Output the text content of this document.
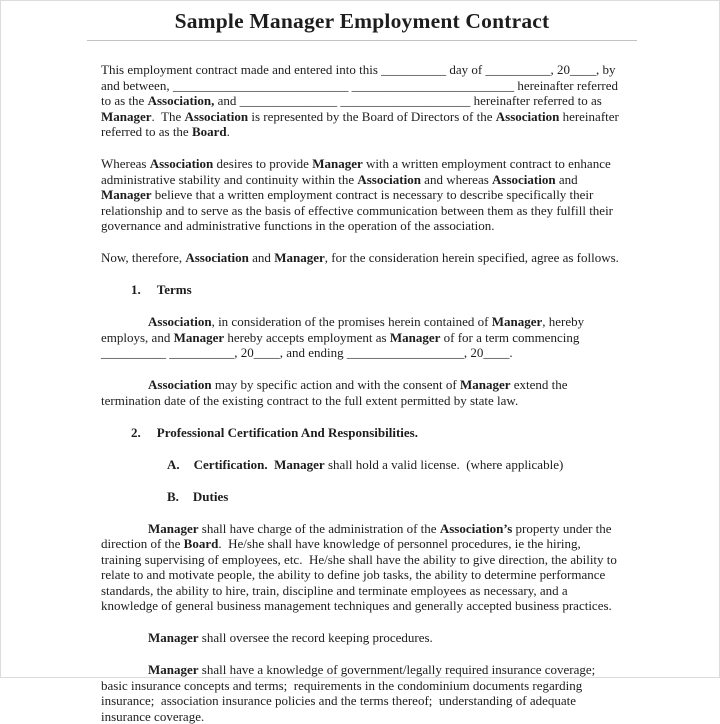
Sample Manager Employment Contract

This employment contract made and entered into this __________ day of __________, 20____, by and between, ___________________________ _________________________ hereinafter referred to as the Association, and _______________ ____________________ hereinafter referred to as Manager.  The Association is represented by the Board of Directors of the Association hereinafter referred to as the Board.

Whereas Association desires to provide Manager with a written employment contract to enhance administrative stability and continuity within the Association and whereas Association and Manager believe that a written employment contract is necessary to describe specifically their relationship and to serve as the basis of effective communication between them as they fulfill their governance and administrative functions in the operation of the association.

Now, therefore, Association and Manager, for the consideration herein specified, agree as follows.

1. Terms

Association, in consideration of the promises herein contained of Manager, hereby employs, and Manager hereby accepts employment as Manager of for a term commencing __________ __________, 20____, and ending __________________, 20____.

Association may by specific action and with the consent of Manager extend the termination date of the existing contract to the full extent permitted by state law.

2. Professional Certification And Responsibilities.
A. Certification.  Manager shall hold a valid license.  (where applicable)
B. Duties

Manager shall have charge of the administration of the Association’s property under the direction of the Board.  He/she shall have knowledge of personnel procedures, ie the hiring, training supervising of employees, etc.  He/she shall have the ability to give direction, the ability to relate to and motivate people, the ability to define job tasks, the ability to determine performance standards, the ability to hire, train, discipline and terminate employees as necessary, and a knowledge of general business management techniques and generally accepted business practices.

Manager shall oversee the record keeping procedures.

Manager shall have a knowledge of government/legally required insurance coverage;  basic insurance concepts and terms;  requirements in the condominium documents regarding insurance;  association insurance policies and the terms thereof;  understanding of adequate insurance coverage.
